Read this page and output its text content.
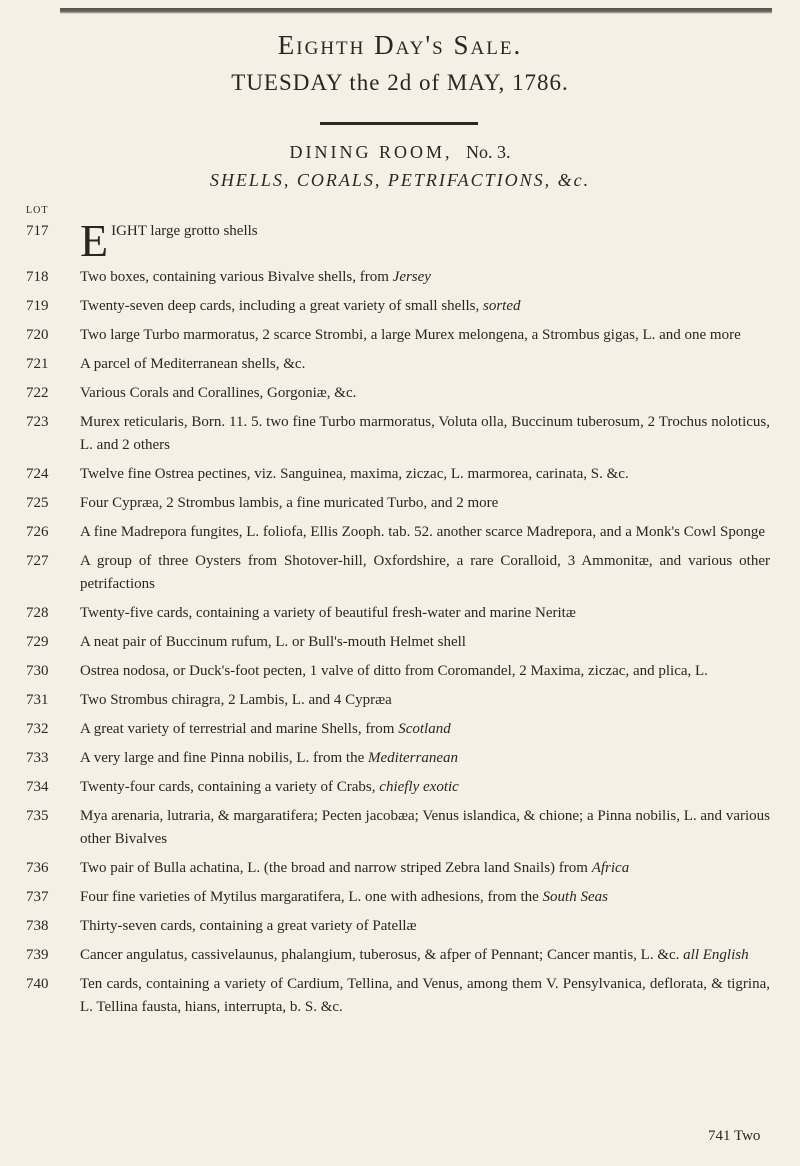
Eighth Day's Sale.
TUESDAY the 2d of MAY, 1786.
DINING ROOM, No. 3.
SHELLS, CORALS, PETRIFACTIONS, &c.
LOT
717 EIGHT large grotto shells
718	Two boxes, containing various Bivalve shells, from Jersey
719	Twenty-seven deep cards, including a great variety of small shells, sorted
720	Two large Turbo marmoratus, 2 scarce Strombi, a large Murex melongena, a Strombus gigas, L. and one more
721	A parcel of Mediterranean shells, &c.
722	Various Corals and Corallines, Gorgoniæ, &c.
723	Murex reticularis, Born. 11. 5. two fine Turbo marmoratus, Voluta olla, Buccinum tuberosum, 2 Trochus noloticus, L. and 2 others
724	Twelve fine Ostrea pectines, viz. Sanguinea, maxima, ziczac, L. marmorea, carinata, S. &c.
725	Four Cypræa, 2 Strombus lambis, a fine muricated Turbo, and 2 more
726	A fine Madrepora fungites, L. foliofa, Ellis Zooph. tab. 52. another scarce Madrepora, and a Monk's Cowl Sponge
727	A group of three Oysters from Shotover-hill, Oxfordshire, a rare Coralloid, 3 Ammonitæ, and various other petrifactions
728	Twenty-five cards, containing a variety of beautiful fresh-water and marine Neritæ
729	A neat pair of Buccinum rufum, L. or Bull's-mouth Helmet shell
730	Ostrea nodosa, or Duck's-foot pecten, 1 valve of ditto from Coromandel, 2 Maxima, ziczac, and plica, L.
731	Two Strombus chiragra, 2 Lambis, L. and 4 Cypræa
732	A great variety of terrestrial and marine Shells, from Scotland
733	A very large and fine Pinna nobilis, L. from the Mediterranean
734	Twenty-four cards, containing a variety of Crabs, chiefly exotic
735	Mya arenaria, lutraria, & margaratifera; Pecten jacobæa; Venus islandica, & chione; a Pinna nobilis, L. and various other Bivalves
736	Two pair of Bulla achatina, L. (the broad and narrow striped Zebra land Snails) from Africa
737	Four fine varieties of Mytilus margaratifera, L. one with adhesions, from the South Seas
738	Thirty-seven cards, containing a great variety of Patellæ
739	Cancer angulatus, cassivelaunus, phalangium, tuberosus, & afper of Pennant; Cancer mantis, L. &c. all English
740	Ten cards, containing a variety of Cardium, Tellina, and Venus, among them V. Pensylvanica, deflorata, & tigrina, L. Tellina fausta, hians, interrupta, b. S. &c.
741 Two
